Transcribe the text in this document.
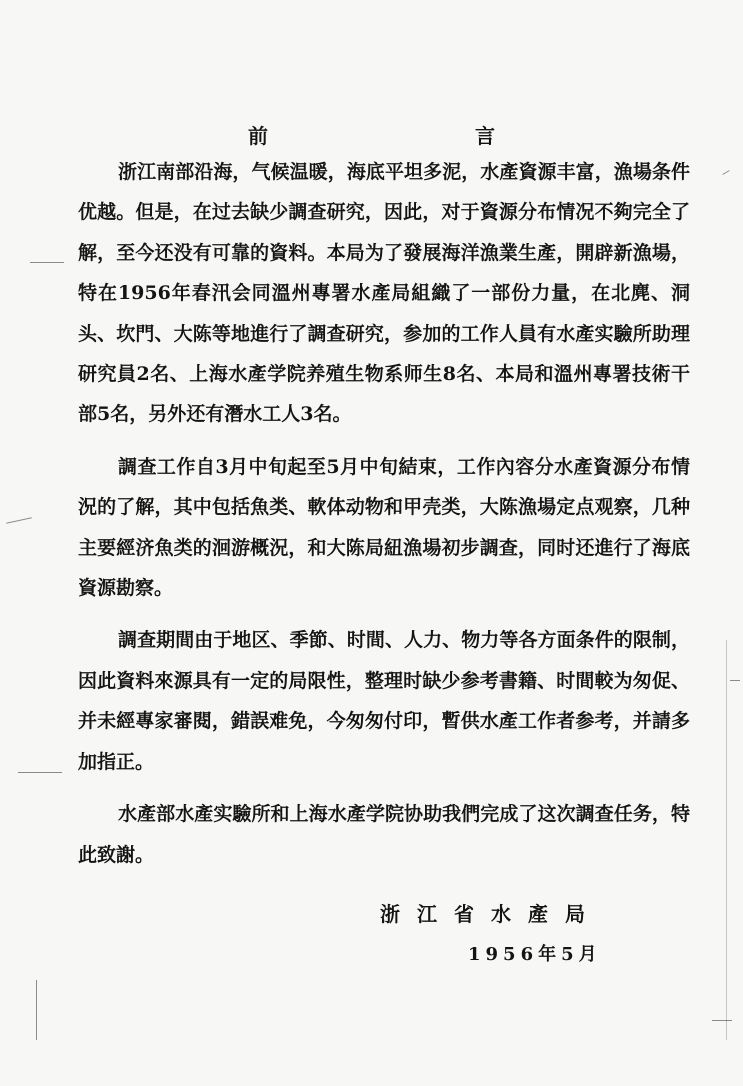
前 言

浙江南部沿海，气候温暖，海底平坦多泥，水產資源丰富，漁場条件优越。但是，在过去缺少調查研究，因此，对于資源分布情况不夠完全了解，至今还没有可靠的資料。本局为了發展海洋漁業生產，開辟新漁場，特在1956年春汛会同溫州專署水產局組織了一部份力量，在北麂、洞头、坎門、大陈等地進行了調查研究，参加的工作人員有水產实驗所助理研究員2名、上海水產学院养殖生物系师生8名、本局和溫州專署技術干部5名，另外还有潛水工人3名。

調查工作自3月中旬起至5月中旬結束，工作內容分水產資源分布情況的了解，其中包括魚类、軟体动物和甲壳类，大陈漁場定点观察，几种主要經济魚类的洄游概況，和大陈局紐漁場初步調查，同时还進行了海底資源勘察。

調查期間由于地区、季節、时間、人力、物力等各方面条件的限制，因此資料來源具有一定的局限性，整理时缺少参考書籍、时間較为匆促、并未經專家審閱，錯誤难免，今匆匆付印，暫供水產工作者参考，并請多加指正。

水產部水產实驗所和上海水產学院协助我們完成了这次調查任务，特此致謝。

浙江省水產局
1956年5月
